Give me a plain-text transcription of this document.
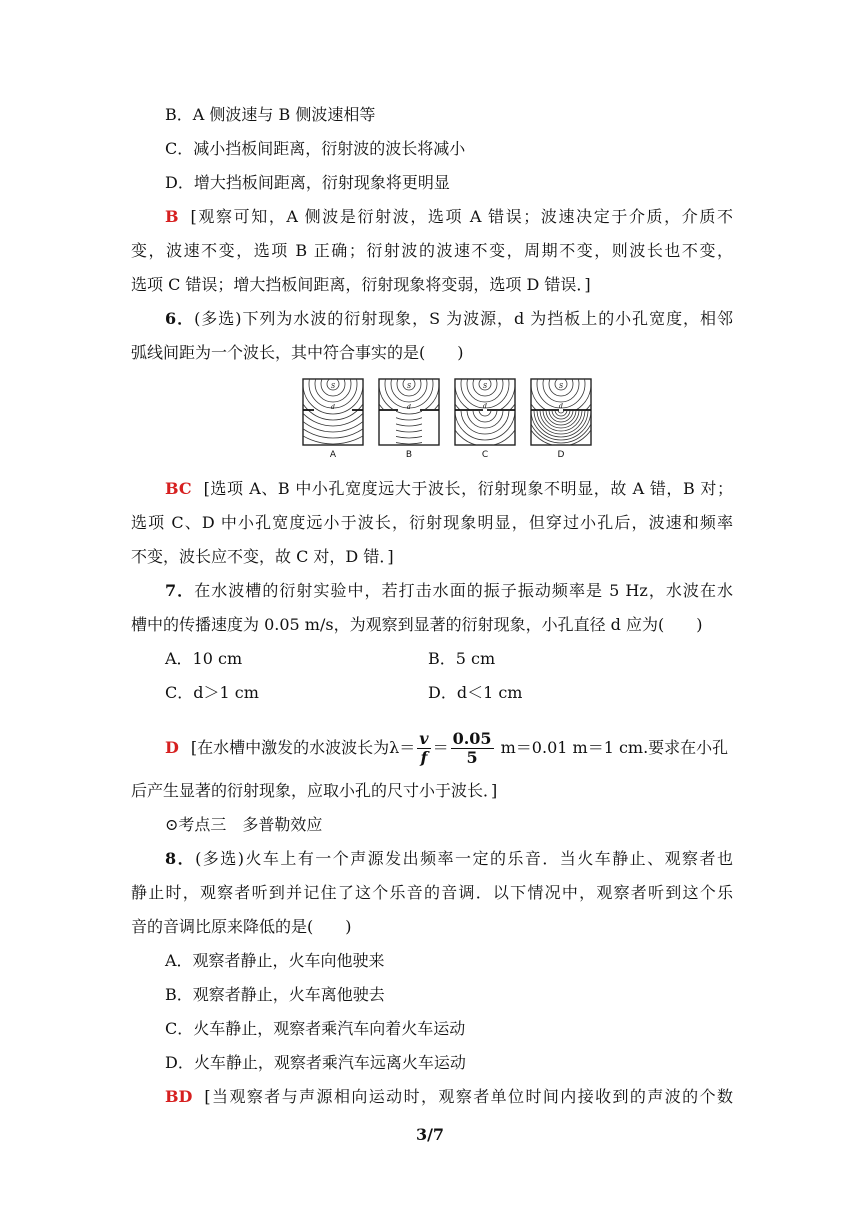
B．A 侧波速与 B 侧波速相等
C．减小挡板间距离，衍射波的波长将减小
D．增大挡板间距离，衍射现象将更明显
B [观察可知，A 侧波是衍射波，选项 A 错误；波速决定于介质，介质不
变，波速不变，选项 B 正确；衍射波的波速不变，周期不变，则波长也不变，
选项 C 错误；增大挡板间距离，衍射现象将变弱，选项 D 错误．]
6．(多选)下列为水波的衍射现象，S 为波源，d 为挡板上的小孔宽度，相邻
弧线间距为一个波长，其中符合事实的是(　　)
S
d
A
S
d
B
S
d
C
S
d
D
BC [选项 A、B 中小孔宽度远大于波长，衍射现象不明显，故 A 错，B 对；
选项 C、D 中小孔宽度远小于波长，衍射现象明显，但穿过小孔后，波速和频率
不变，波长应不变，故 C 对，D 错．]
7．在水波槽的衍射实验中，若打击水面的振子振动频率是 5 Hz，水波在水
槽中的传播速度为 0.05 m/s，为观察到显著的衍射现象，小孔直径 d 应为(　　)
A．10 cm	B．5 cm
C．d＞1 cm	D．d＜1 cm
D [在水槽中激发的水波波长为$\lambda= \frac{v}{f} = \frac{0.05}{5} m=0.01$ m＝1 cm.要求在小孔
后产生显著的衍射现象，应取小孔的尺寸小于波长．]
⊙考点三　多普勒效应
8．(多选)火车上有一个声源发出频率一定的乐音．当火车静止、观察者也
静止时，观察者听到并记住了这个乐音的音调．以下情况中，观察者听到这个乐
音的音调比原来降低的是(　　)
A．观察者静止，火车向他驶来
B．观察者静止，火车离他驶去
C．火车静止，观察者乘汽车向着火车运动
D．火车静止，观察者乘汽车远离火车运动
BD [当观察者与声源相向运动时，观察者单位时间内接收到的声波的个数
3/7
